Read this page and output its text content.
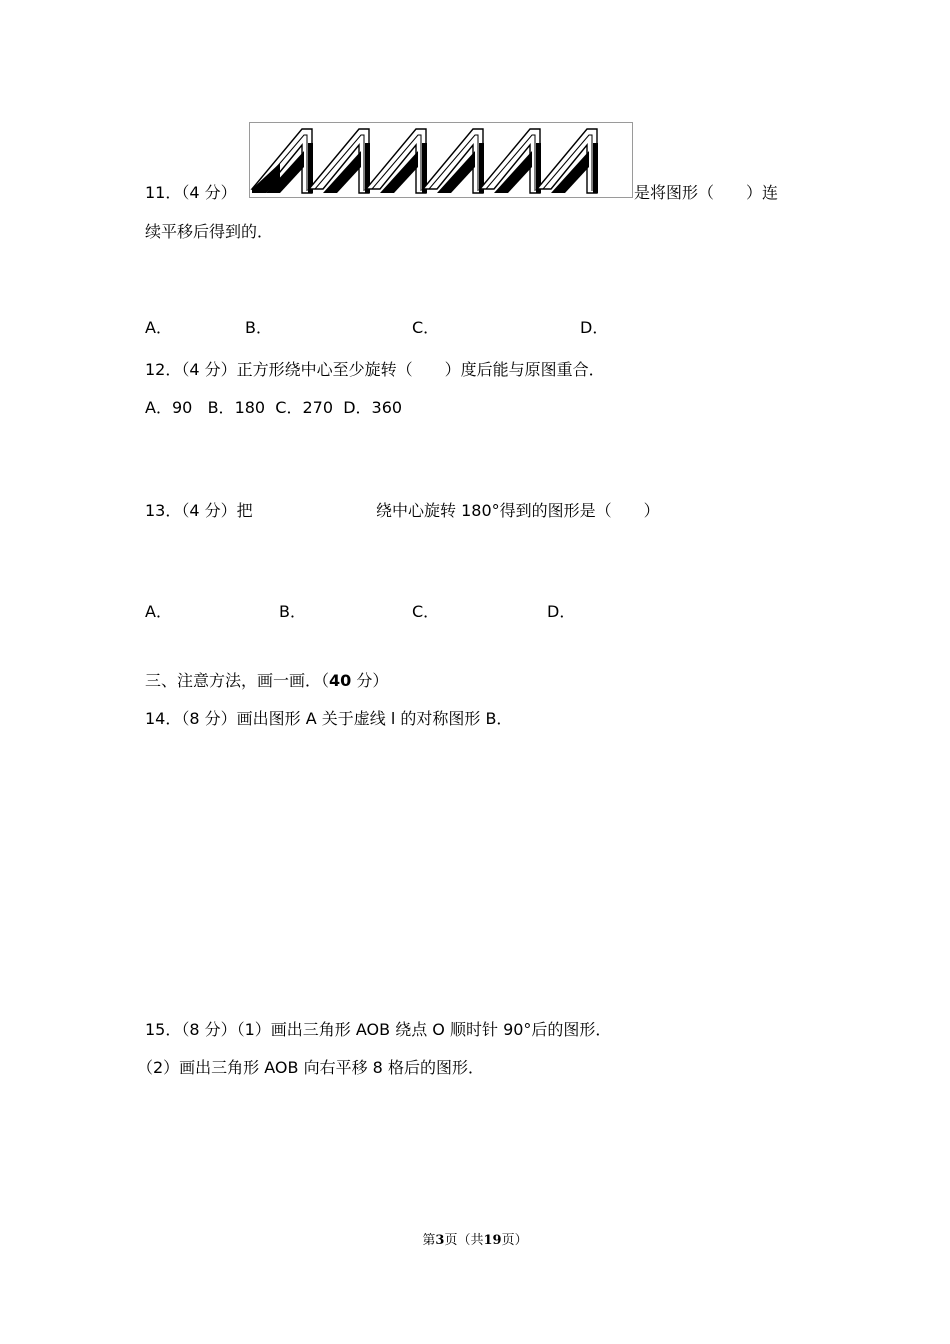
11．（4 分）	是将图形（　　）连
续平移后得到的．
A．	B．	C．	D．
12．（4 分）正方形绕中心至少旋转（　　）度后能与原图重合．
A．90 B．180 C．270 D．360
13．（4 分）把	绕中心旋转 180°得到的图形是（　　）
A．	B．	C．	D．
三、注意方法，画一画．（40 分）
14．（8 分）画出图形 A 关于虚线 l 的对称图形 B．
15．（8 分）（1）画出三角形 AOB 绕点 O 顺时针 90°后的图形．
（2）画出三角形 AOB 向右平移 8 格后的图形．
第3页（共19页）
